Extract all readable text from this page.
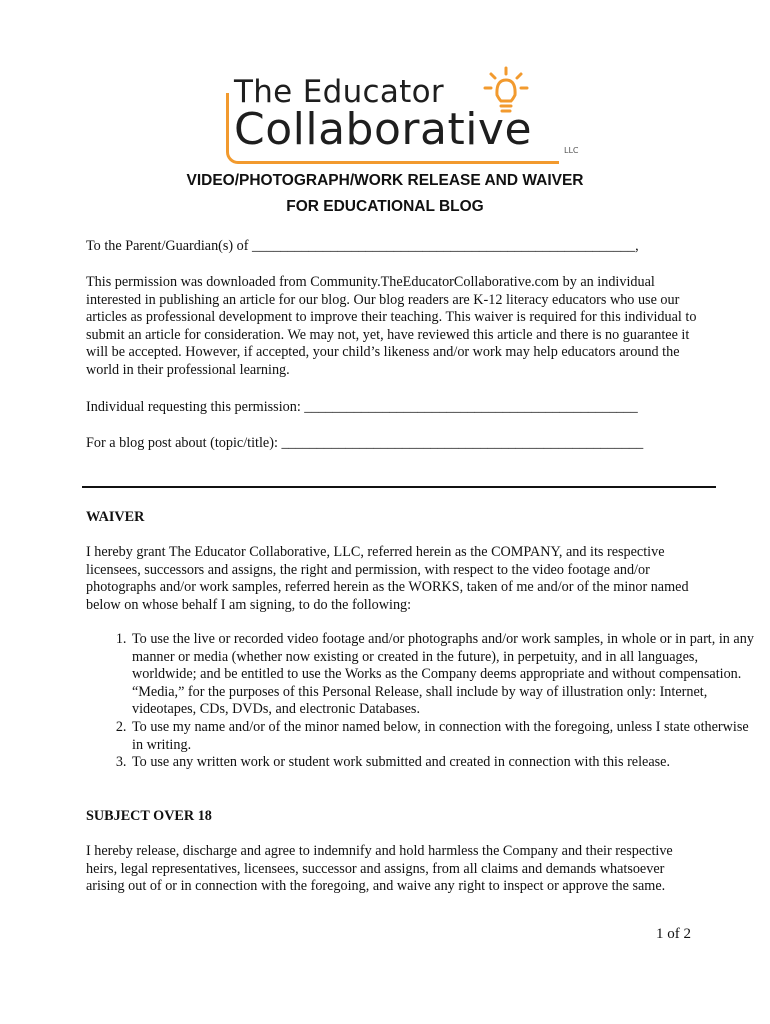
The Educator
Collaborative	LLC
VIDEO/PHOTOGRAPH/WORK RELEASE AND WAIVER
FOR EDUCATIONAL BLOG

To the Parent/Guardian(s) of ______________________________________________________,

This permission was downloaded from Community.TheEducatorCollaborative.com by an individual interested in publishing an article for our blog. Our blog readers are K-12 literacy educators who use our articles as professional development to improve their teaching. This waiver is required for this individual to submit an article for consideration. We may not, yet, have reviewed this article and there is no guarantee it will be accepted. However, if accepted, your child’s likeness and/or work may help educators around the world in their professional learning.

Individual requesting this permission: _______________________________________________

For a blog post about (topic/title): ___________________________________________________

WAIVER

I hereby grant The Educator Collaborative, LLC, referred herein as the COMPANY, and its respective licensees, successors and assigns, the right and permission, with respect to the video footage and/or photographs and/or work samples, referred herein as the WORKS, taken of me and/or of the minor named below on whose behalf I am signing, to do the following:

1. To use the live or recorded video footage and/or photographs and/or work samples, in whole or in part, in any manner or media (whether now existing or created in the future), in perpetuity, and in all languages, worldwide; and be entitled to use the Works as the Company deems appropriate and without compensation. “Media,” for the purposes of this Personal Release, shall include by way of illustration only: Internet, videotapes, CDs, DVDs, and electronic Databases.
2. To use my name and/or of the minor named below, in connection with the foregoing, unless I state otherwise in writing.
3. To use any written work or student work submitted and created in connection with this release.

SUBJECT OVER 18

I hereby release, discharge and agree to indemnify and hold harmless the Company and their respective heirs, legal representatives, licensees, successor and assigns, from all claims and demands whatsoever arising out of or in connection with the foregoing, and waive any right to inspect or approve the same.

1 of 2
